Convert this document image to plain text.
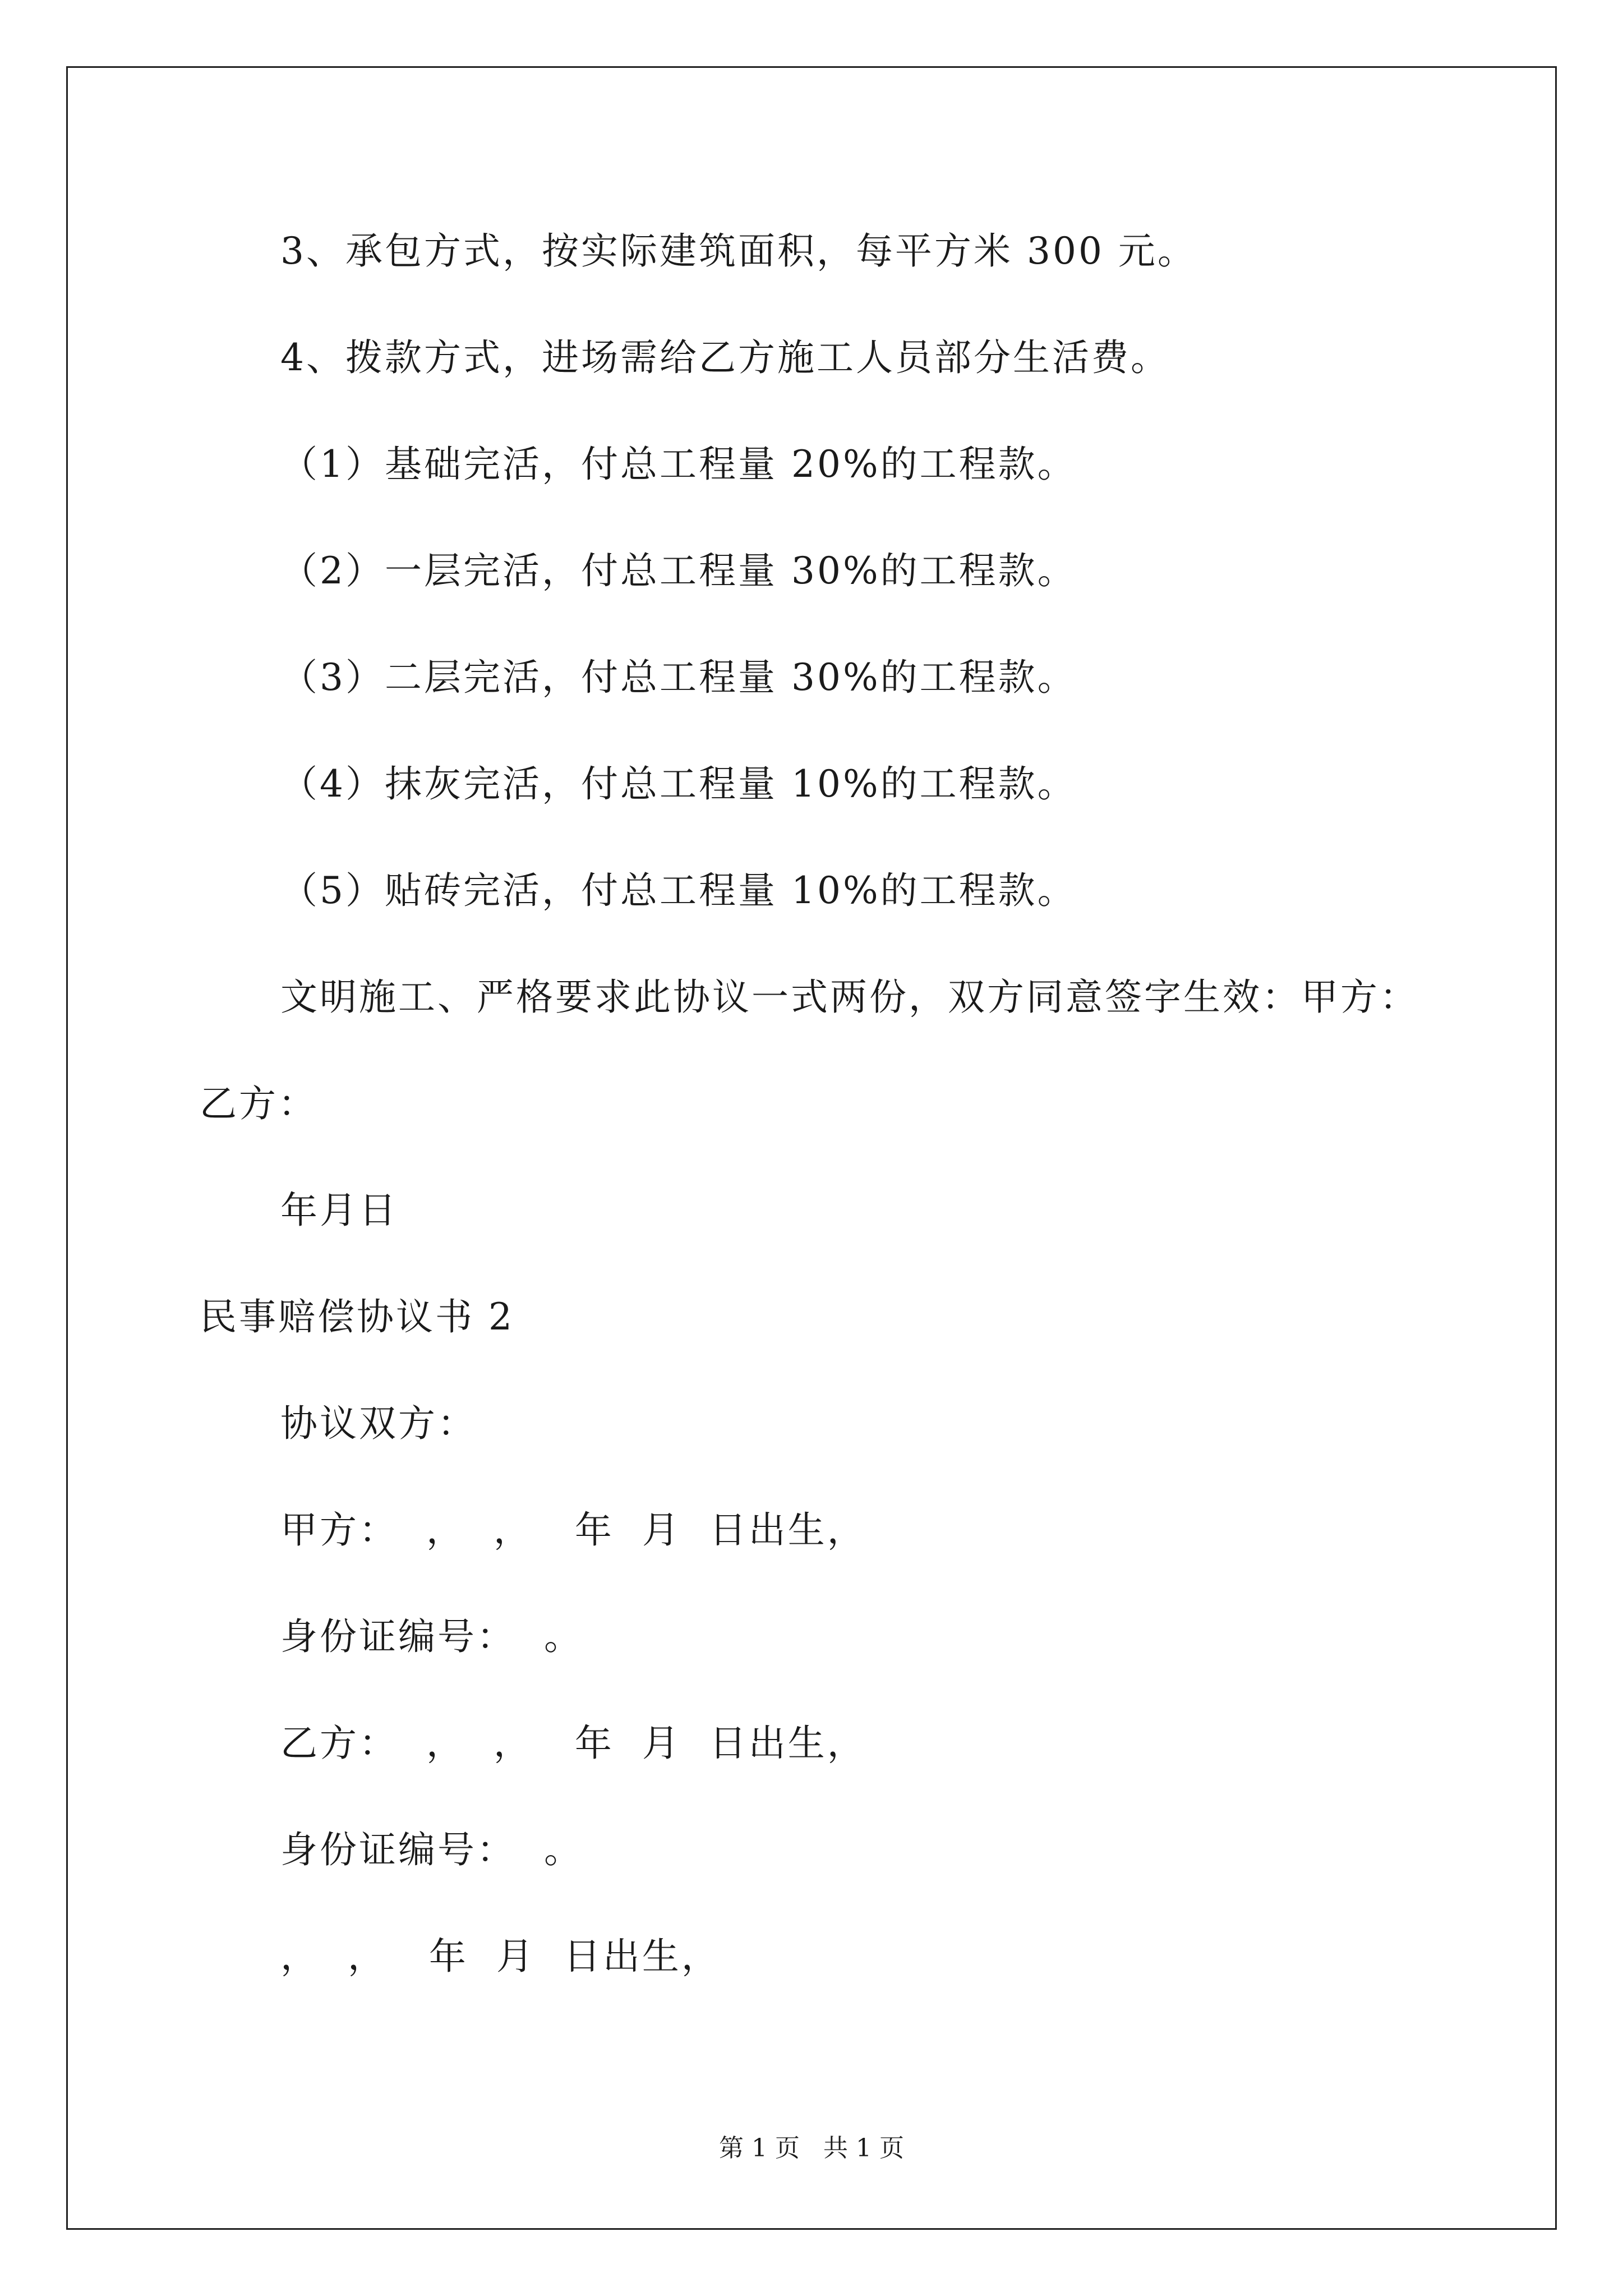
3、承包方式，按实际建筑面积，每平方米 300 元。
4、拨款方式，进场需给乙方施工人员部分生活费。
（1）基础完活，付总工程量 20%的工程款。
（2）一层完活，付总工程量 30%的工程款。
（3）二层完活，付总工程量 30%的工程款。
（4）抹灰完活，付总工程量 10%的工程款。
（5）贴砖完活，付总工程量 10%的工程款。
文明施工、严格要求此协议一式两份，双方同意签字生效：甲方：
乙方：
年月日
民事赔偿协议书 2
协议双方：
甲方：  ，  ，   年  月  日出生，
身份证编号：  。
乙方：  ，  ，   年  月  日出生，
身份证编号：  。
，  ，   年  月  日出生，
第 1 页   共 1 页
